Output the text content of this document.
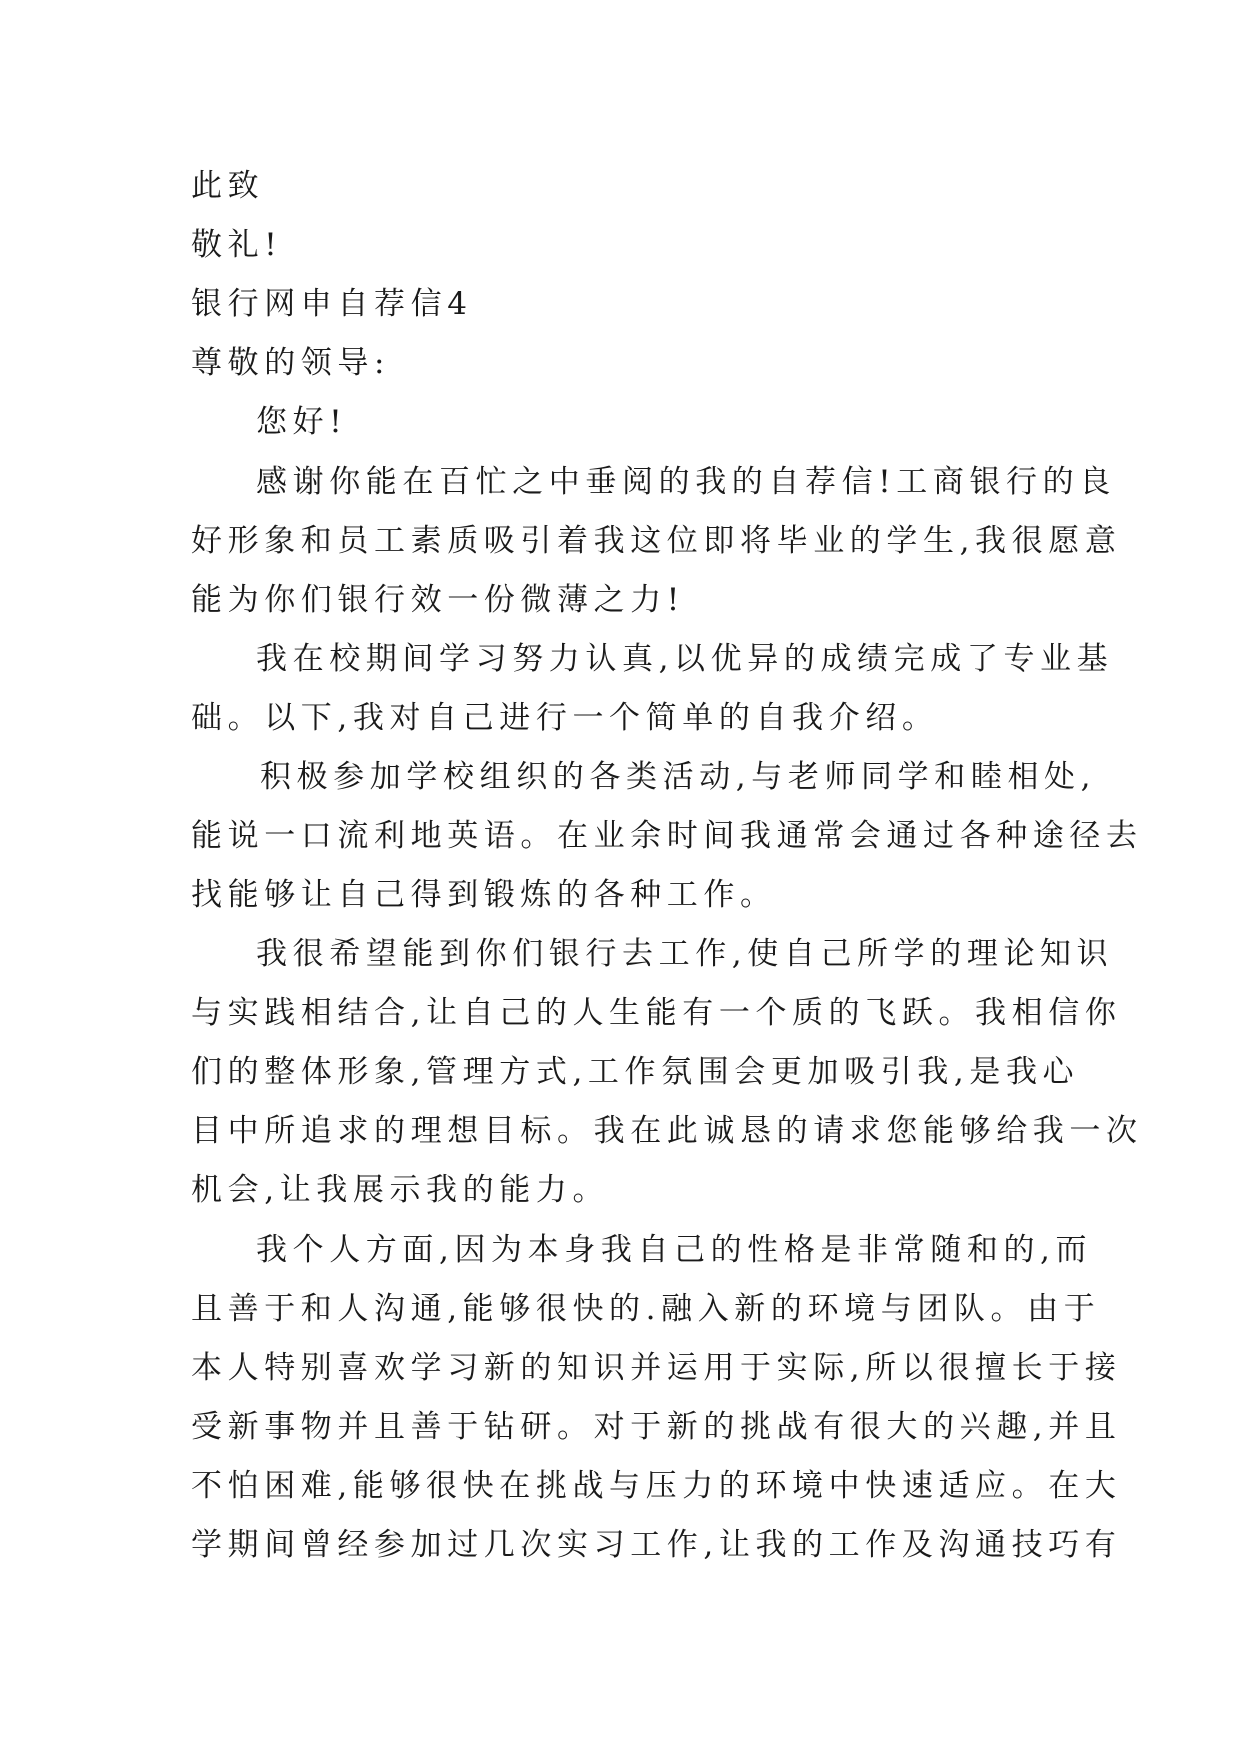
此致
敬礼!
银行网申自荐信4
尊敬的领导:
您好!
感谢你能在百忙之中垂阅的我的自荐信!工商银行的良
好形象和员工素质吸引着我这位即将毕业的学生,我很愿意
能为你们银行效一份微薄之力!
我在校期间学习努力认真,以优异的成绩完成了专业基
础。以下,我对自己进行一个简单的自我介绍。
积极参加学校组织的各类活动,与老师同学和睦相处,
能说一口流利地英语。在业余时间我通常会通过各种途径去
找能够让自己得到锻炼的各种工作。
我很希望能到你们银行去工作,使自己所学的理论知识
与实践相结合,让自己的人生能有一个质的飞跃。我相信你
们的整体形象,管理方式,工作氛围会更加吸引我,是我心
目中所追求的理想目标。我在此诚恳的请求您能够给我一次
机会,让我展示我的能力。
我个人方面,因为本身我自己的性格是非常随和的,而
且善于和人沟通,能够很快的.融入新的环境与团队。由于
本人特别喜欢学习新的知识并运用于实际,所以很擅长于接
受新事物并且善于钻研。对于新的挑战有很大的兴趣,并且
不怕困难,能够很快在挑战与压力的环境中快速适应。在大
学期间曾经参加过几次实习工作,让我的工作及沟通技巧有
